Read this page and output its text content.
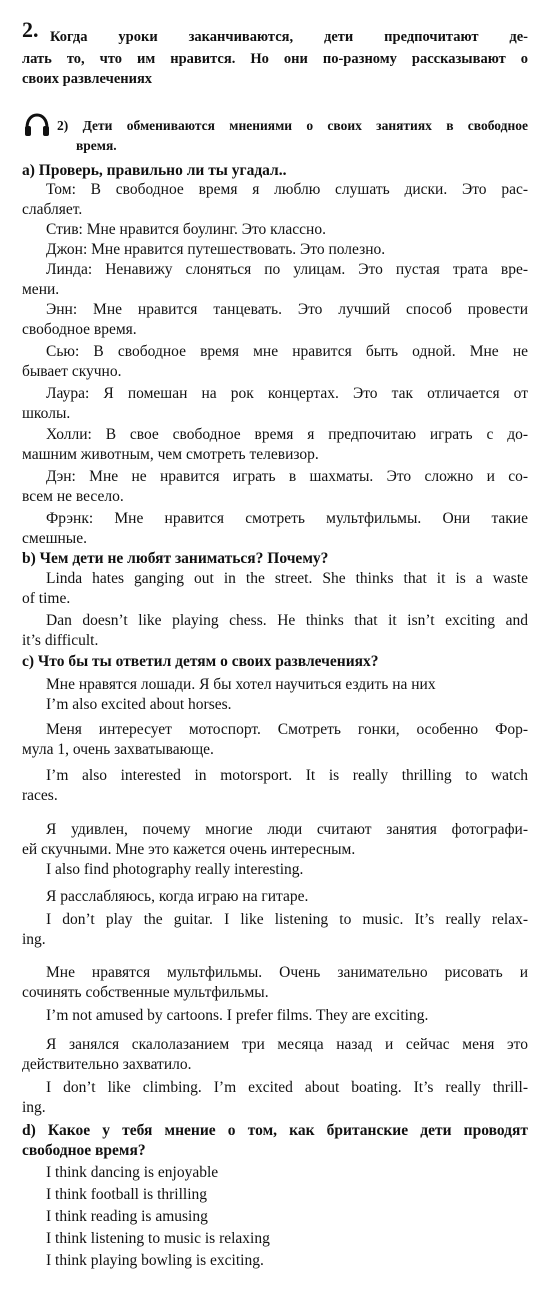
2. Когда уроки заканчиваются, дети предпочитают де-
лать то, что им нравится. Но они по-разному рассказывают о
своих развлечениях
2) Дети обмениваются мнениями о своих занятиях в свободное
время.
а) Проверь, правильно ли ты угадал..
Том: В свободное время я люблю слушать диски. Это рас-
слабляет.
Стив: Мне нравится боулинг. Это классно.
Джон: Мне нравится путешествовать. Это полезно.
Линда: Ненавижу слоняться по улицам. Это пустая трата вре-
мени.
Энн: Мне нравится танцевать. Это лучший способ провести
свободное время.
Сью: В свободное время мне нравится быть одной. Мне не
бывает скучно.
Лаура: Я помешан на рок концертах. Это так отличается от
школы.
Холли: В свое свободное время я предпочитаю играть с до-
машним животным, чем смотреть телевизор.
Дэн: Мне не нравится играть в шахматы. Это сложно и со-
всем не весело.
Фрэнк: Мне нравится смотреть мультфильмы. Они такие
смешные.
b) Чем дети не любят заниматься? Почему?
Linda hates ganging out in the street. She thinks that it is a waste
of time.
Dan doesn’t like playing chess. He thinks that it isn’t exciting and
it’s difficult.
с) Что бы ты ответил детям о своих развлечениях?
Мне нравятся лошади. Я бы хотел научиться ездить на них
I’m also excited about horses.
Меня интересует мотоспорт. Смотреть гонки, особенно Фор-
мула 1, очень захватывающе.
I’m also interested in motorsport. It is really thrilling to watch
races.
Я удивлен, почему многие люди считают занятия фотографи-
ей скучными. Мне это кажется очень интересным.
I also find photography really interesting.
Я расслабляюсь, когда играю на гитаре.
I don’t play the guitar. I like listening to music. It’s really relax-
ing.
Мне нравятся мультфильмы. Очень занимательно рисовать и
сочинять собственные мультфильмы.
I’m not amused by cartoons. I prefer films. They are exciting.
Я занялся скалолазанием три месяца назад и сейчас меня это
действительно захватило.
I don’t like climbing. I’m excited about boating. It’s really thrill-
ing.
d) Какое у тебя мнение о том, как британские дети проводят
свободное время?
I think dancing is enjoyable
I think football is thrilling
I think reading is amusing
I think listening to music is relaxing
I think playing bowling is exciting.
